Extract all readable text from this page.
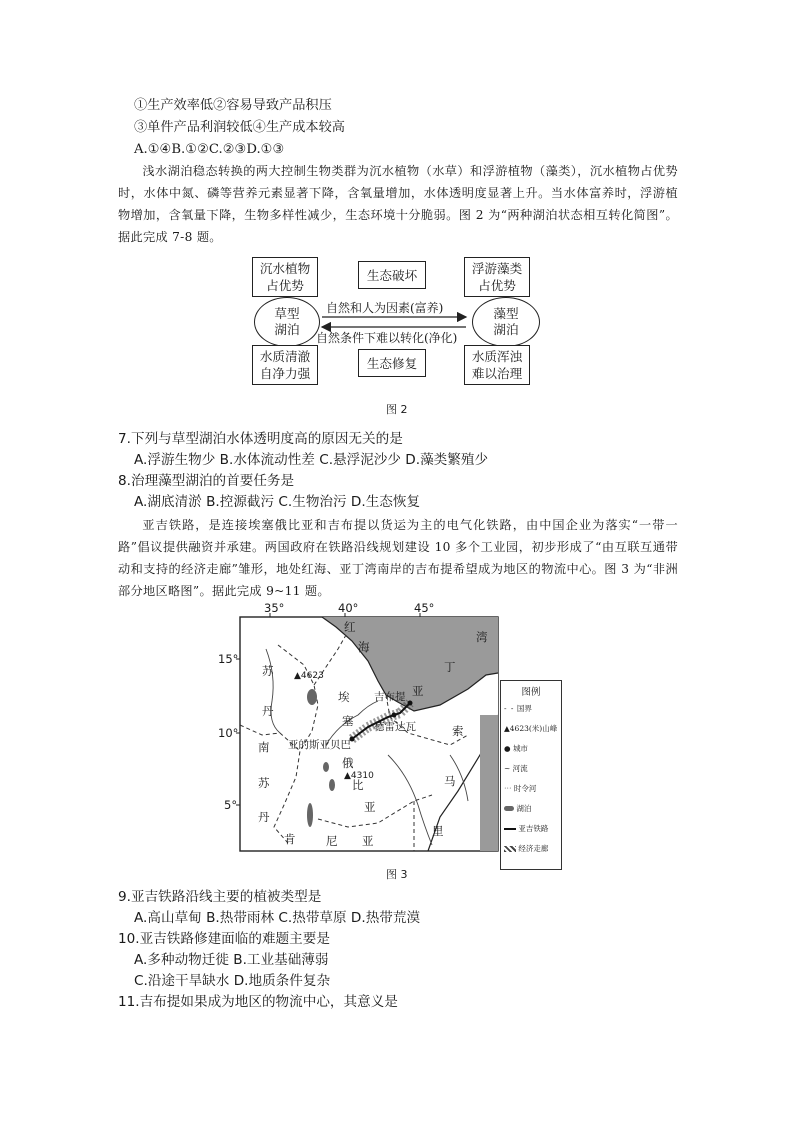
①生产效率低②容易导致产品积压
③单件产品利润较低④生产成本较高
A.①④B.①②C.②③D.①③
浅水湖泊稳态转换的两大控制生物类群为沉水植物（水草）和浮游植物（藻类），沉水植物占优势时，水体中氮、磷等营养元素显著下降，含氧量增加，水体透明度显著上升。当水体富养时，浮游植物增加，含氧量下降，生物多样性减少，生态环境十分脆弱。图 2 为“两种湖泊状态相互转化简图”。据此完成 7-8 题。
沉水植物
占优势
生态破坏	浮游藻类
占优势
草型
湖泊
藻型
湖泊
自然和人为因素(富养)
自然条件下难以转化(净化)
水质清澈
自净力强
生态修复	水质浑浊
难以治理
图 2
7.下列与草型湖泊水体透明度高的原因无关的是
A.浮游生物少 B.水体流动性差 C.悬浮泥沙少 D.藻类繁殖少
8.治理藻型湖泊的首要任务是
A.湖底清淤 B.控源截污 C.生物治污 D.生态恢复
亚吉铁路，是连接埃塞俄比亚和吉布提以货运为主的电气化铁路，由中国企业为落实“一带一路”倡议提供融资并承建。两国政府在铁路沿线规划建设 10 多个工业园，初步形成了“由互联互通带动和支持的经济走廊”雏形，地处红海、亚丁湾南岸的吉布提希望成为地区的物流中心。图 3 为“非洲部分地区略图”。据此完成 9~11 题。
35°	40°	45°
15°
10°
5°
红
海
湾
亚
丁
苏
丹
南
苏
丹
埃
塞
俄
比
亚
索
马
里
肯	尼 亚
吉布提
亚的斯亚贝巴
德雷达瓦
▲4623
▲4310
图例
- - 国界
▲4623(米)山峰
● 城市
~ 河流
⋯ 时令河
湖泊
亚吉铁路
经济走廊
图 3
9.亚吉铁路沿线主要的植被类型是
A.高山草甸 B.热带雨林 C.热带草原 D.热带荒漠
10.亚吉铁路修建面临的难题主要是
A.多种动物迁徙 B.工业基础薄弱
C.沿途干旱缺水 D.地质条件复杂
11.吉布提如果成为地区的物流中心，其意义是
